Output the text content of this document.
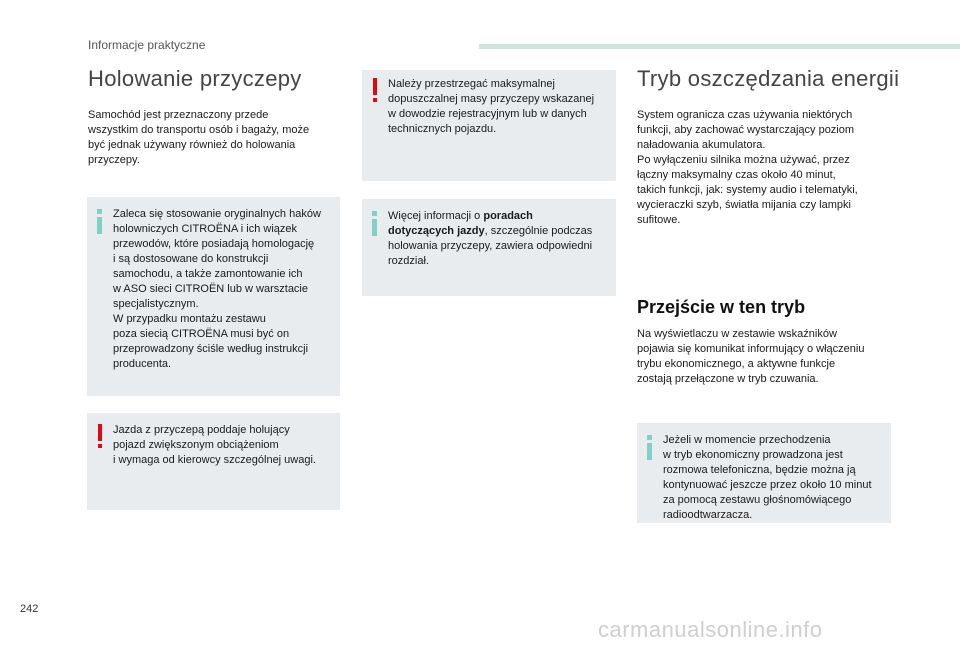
Informacje praktyczne
Holowanie przyczepy

Samochód jest przeznaczony przede
wszystkim do transportu osób i bagaży, może
być jednak używany również do holowania
przyczepy.

Zaleca się stosowanie oryginalnych haków
holowniczych CITROËNA i ich wiązek
przewodów, które posiadają homologację
i są dostosowane do konstrukcji
samochodu, a także zamontowanie ich
w ASO sieci CITROËN lub w warsztacie
specjalistycznym.
W przypadku montażu zestawu
poza siecią CITROËNA musi być on
przeprowadzony ściśle według instrukcji
producenta.
Jazda z przyczepą poddaje holujący
pojazd zwiększonym obciążeniom
i wymaga od kierowcy szczególnej uwagi.
Należy przestrzegać maksymalnej
dopuszczalnej masy przyczepy wskazanej
w dowodzie rejestracyjnym lub w danych
technicznych pojazdu.
Więcej informacji o poradach
dotyczących jazdy, szczególnie podczas
holowania przyczepy, zawiera odpowiedni
rozdział.
Tryb oszczędzania energii

System ogranicza czas używania niektórych
funkcji, aby zachować wystarczający poziom
naładowania akumulatora.
Po wyłączeniu silnika można używać, przez
łączny maksymalny czas około 40 minut,
takich funkcji, jak: systemy audio i telematyki,
wycieraczki szyb, światła mijania czy lampki
sufitowe.

Przejście w ten tryb

Na wyświetlaczu w zestawie wskaźników
pojawia się komunikat informujący o włączeniu
trybu ekonomicznego, a aktywne funkcje
zostają przełączone w tryb czuwania.

Jeżeli w momencie przechodzenia
w tryb ekonomiczny prowadzona jest
rozmowa telefoniczna, będzie można ją
kontynuować jeszcze przez około 10 minut
za pomocą zestawu głośnomówiącego
radioodtwarzacza.
242
carmanualsonline.info
